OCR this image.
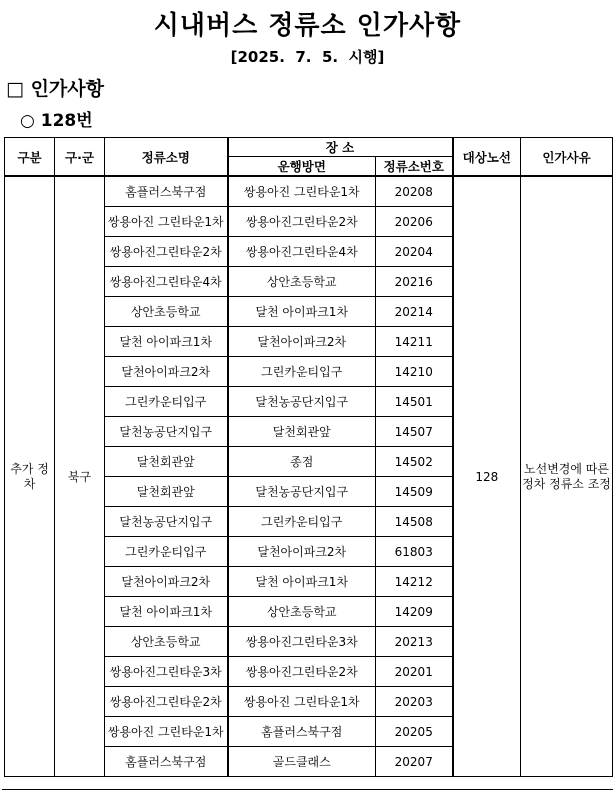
시내버스 정류소 인가사항
[2025.  7.  5.  시행]
□ 인가사항
○ 128번
구분	구·군	정류소명	장 소		대상노선	인가사유
			운행방면	정류소번호		
추가 정차	북구	홈플러스북구점	쌍용아진 그린타운1차	20208	128	노선변경에 따른 정차 정류소 조정
		쌍용아진 그린타운1차	쌍용아진그린타운2차	20206		
		쌍용아진그린타운2차	쌍용아진그린타운4차	20204		
		쌍용아진그린타운4차	상안초등학교	20216		
		상안초등학교	달천 아이파크1차	20214		
		달천 아이파크1차	달천아이파크2차	14211		
		달천아이파크2차	그린카운티입구	14210		
		그린카운티입구	달천농공단지입구	14501		
		달천농공단지입구	달천회관앞	14507		
		달천회관앞	종점	14502		
		달천회관앞	달천농공단지입구	14509		
		달천농공단지입구	그린카운티입구	14508		
		그린카운티입구	달천아이파크2차	61803		
		달천아이파크2차	달천 아이파크1차	14212		
		달천 아이파크1차	상안초등학교	14209		
		상안초등학교	쌍용아진그린타운3차	20213		
		쌍용아진그린타운3차	쌍용아진그린타운2차	20201		
		쌍용아진그린타운2차	쌍용아진 그린타운1차	20203		
		쌍용아진 그린타운1차	홈플러스북구점	20205		
		홈플러스북구점	골드클래스	20207		
